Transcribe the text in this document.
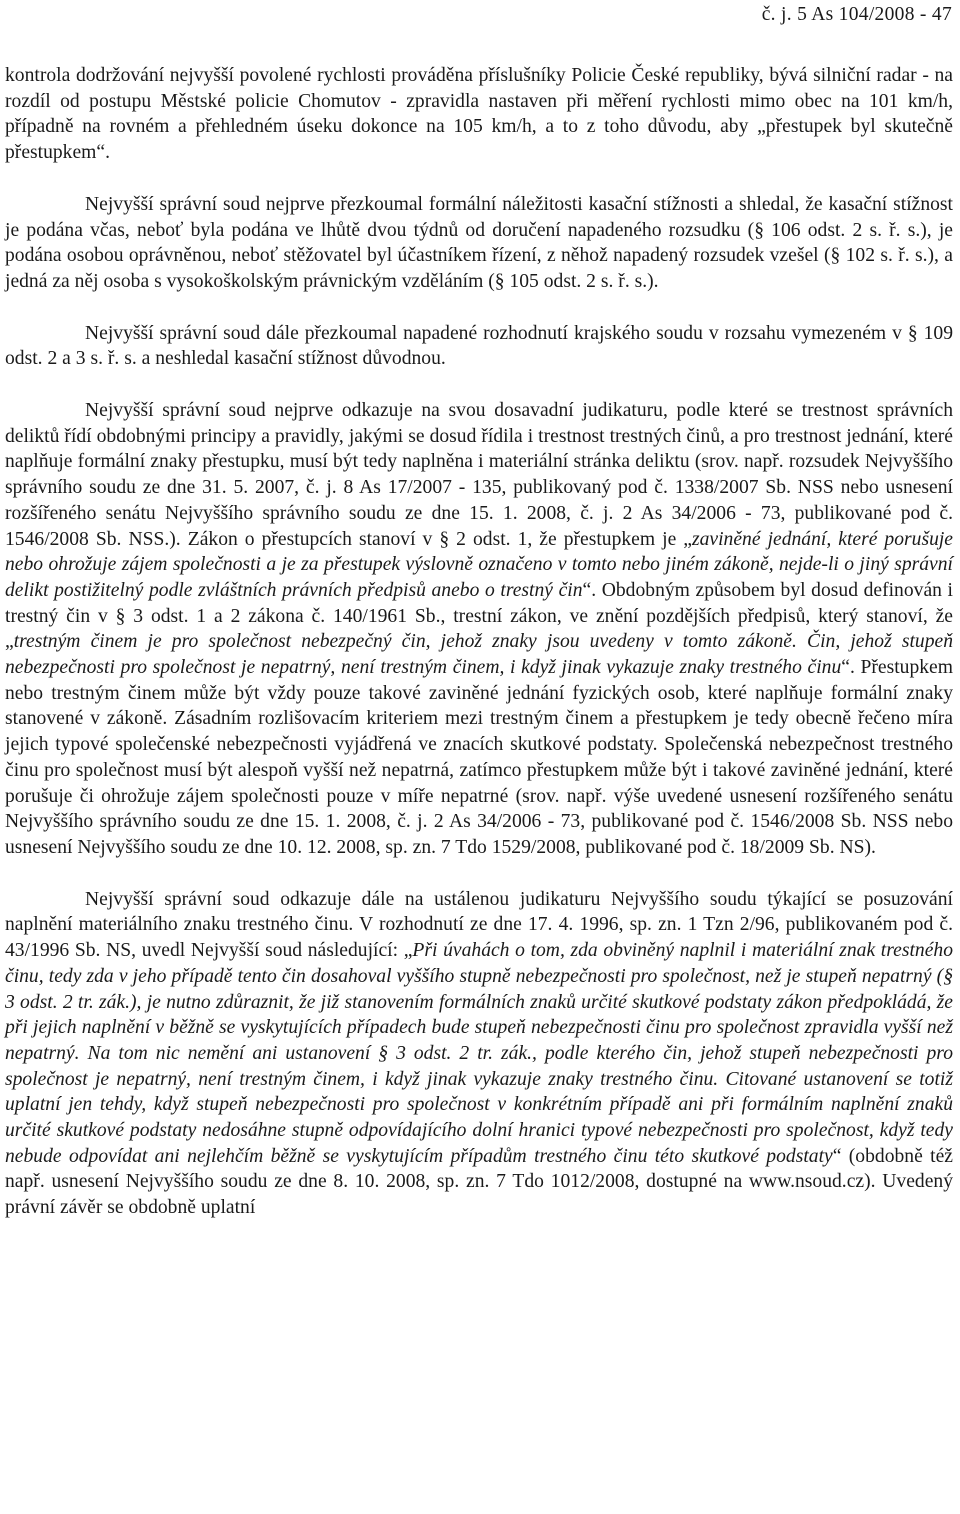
č. j. 5 As 104/2008 - 47

kontrola dodržování nejvyšší povolené rychlosti prováděna příslušníky Policie České republiky, bývá silniční radar - na rozdíl od postupu Městské policie Chomutov - zpravidla nastaven při měření rychlosti mimo obec na 101 km/h, případně na rovném a přehledném úseku dokonce na 105 km/h, a to z toho důvodu, aby „přestupek byl skutečně přestupkem“.

Nejvyšší správní soud nejprve přezkoumal formální náležitosti kasační stížnosti a shledal, že kasační stížnost je podána včas, neboť byla podána ve lhůtě dvou týdnů od doručení napadeného rozsudku (§ 106 odst. 2 s. ř. s.), je podána osobou oprávněnou, neboť stěžovatel byl účastníkem řízení, z něhož napadený rozsudek vzešel (§ 102 s. ř. s.), a jedná za něj osoba s vysokoškolským právnickým vzděláním (§ 105 odst. 2 s. ř. s.).

Nejvyšší správní soud dále přezkoumal napadené rozhodnutí krajského soudu v rozsahu vymezeném v § 109 odst. 2 a 3 s. ř. s. a neshledal kasační stížnost důvodnou.

Nejvyšší správní soud nejprve odkazuje na svou dosavadní judikaturu, podle které se trestnost správních deliktů řídí obdobnými principy a pravidly, jakými se dosud řídila i trestnost trestných činů, a pro trestnost jednání, které naplňuje formální znaky přestupku, musí být tedy naplněna i materiální stránka deliktu (srov. např. rozsudek Nejvyššího správního soudu ze dne 31. 5. 2007, č. j. 8 As 17/2007 - 135, publikovaný pod č. 1338/2007 Sb. NSS nebo usnesení rozšířeného senátu Nejvyššího správního soudu ze dne 15. 1. 2008, č. j. 2 As 34/2006 - 73, publikované pod č. 1546/2008 Sb. NSS.). Zákon o přestupcích stanoví v § 2 odst. 1, že přestupkem je „zaviněné jednání, které porušuje nebo ohrožuje zájem společnosti a je za přestupek výslovně označeno v tomto nebo jiném zákoně, nejde-li o jiný správní delikt postižitelný podle zvláštních právních předpisů anebo o trestný čin“. Obdobným způsobem byl dosud definován i trestný čin v § 3 odst. 1 a 2 zákona č. 140/1961 Sb., trestní zákon, ve znění pozdějších předpisů, který stanoví, že „trestným činem je pro společnost nebezpečný čin, jehož znaky jsou uvedeny v tomto zákoně. Čin, jehož stupeň nebezpečnosti pro společnost je nepatrný, není trestným činem, i když jinak vykazuje znaky trestného činu“. Přestupkem nebo trestným činem může být vždy pouze takové zaviněné jednání fyzických osob, které naplňuje formální znaky stanovené v zákoně. Zásadním rozlišovacím kriteriem mezi trestným činem a přestupkem je tedy obecně řečeno míra jejich typové společenské nebezpečnosti vyjádřená ve znacích skutkové podstaty. Společenská nebezpečnost trestného činu pro společnost musí být alespoň vyšší než nepatrná, zatímco přestupkem může být i takové zaviněné jednání, které porušuje či ohrožuje zájem společnosti pouze v míře nepatrné (srov. např. výše uvedené usnesení rozšířeného senátu Nejvyššího správního soudu ze dne 15. 1. 2008, č. j. 2 As 34/2006 - 73, publikované pod č. 1546/2008 Sb. NSS nebo usnesení Nejvyššího soudu ze dne 10. 12. 2008, sp. zn. 7 Tdo 1529/2008, publikované pod č. 18/2009 Sb. NS).

Nejvyšší správní soud odkazuje dále na ustálenou judikaturu Nejvyššího soudu týkající se posuzování naplnění materiálního znaku trestného činu. V rozhodnutí ze dne 17. 4. 1996, sp. zn. 1 Tzn 2/96, publikovaném pod č. 43/1996 Sb. NS, uvedl Nejvyšší soud následující: „Při úvahách o tom, zda obviněný naplnil i materiální znak trestného činu, tedy zda v jeho případě tento čin dosahoval vyššího stupně nebezpečnosti pro společnost, než je stupeň nepatrný (§ 3 odst. 2 tr. zák.), je nutno zdůraznit, že již stanovením formálních znaků určité skutkové podstaty zákon předpokládá, že při jejich naplnění v běžně se vyskytujících případech bude stupeň nebezpečnosti činu pro společnost zpravidla vyšší než nepatrný. Na tom nic nemění ani ustanovení § 3 odst. 2 tr. zák., podle kterého čin, jehož stupeň nebezpečnosti pro společnost je nepatrný, není trestným činem, i když jinak vykazuje znaky trestného činu. Citované ustanovení se totiž uplatní jen tehdy, když stupeň nebezpečnosti pro společnost v konkrétním případě ani při formálním naplnění znaků určité skutkové podstaty nedosáhne stupně odpovídajícího dolní hranici typové nebezpečnosti pro společnost, když tedy nebude odpovídat ani nejlehčím běžně se vyskytujícím případům trestného činu této skutkové podstaty“ (obdobně též např. usnesení Nejvyššího soudu ze dne 8. 10. 2008, sp. zn. 7 Tdo 1012/2008, dostupné na www.nsoud.cz). Uvedený právní závěr se obdobně uplatní
